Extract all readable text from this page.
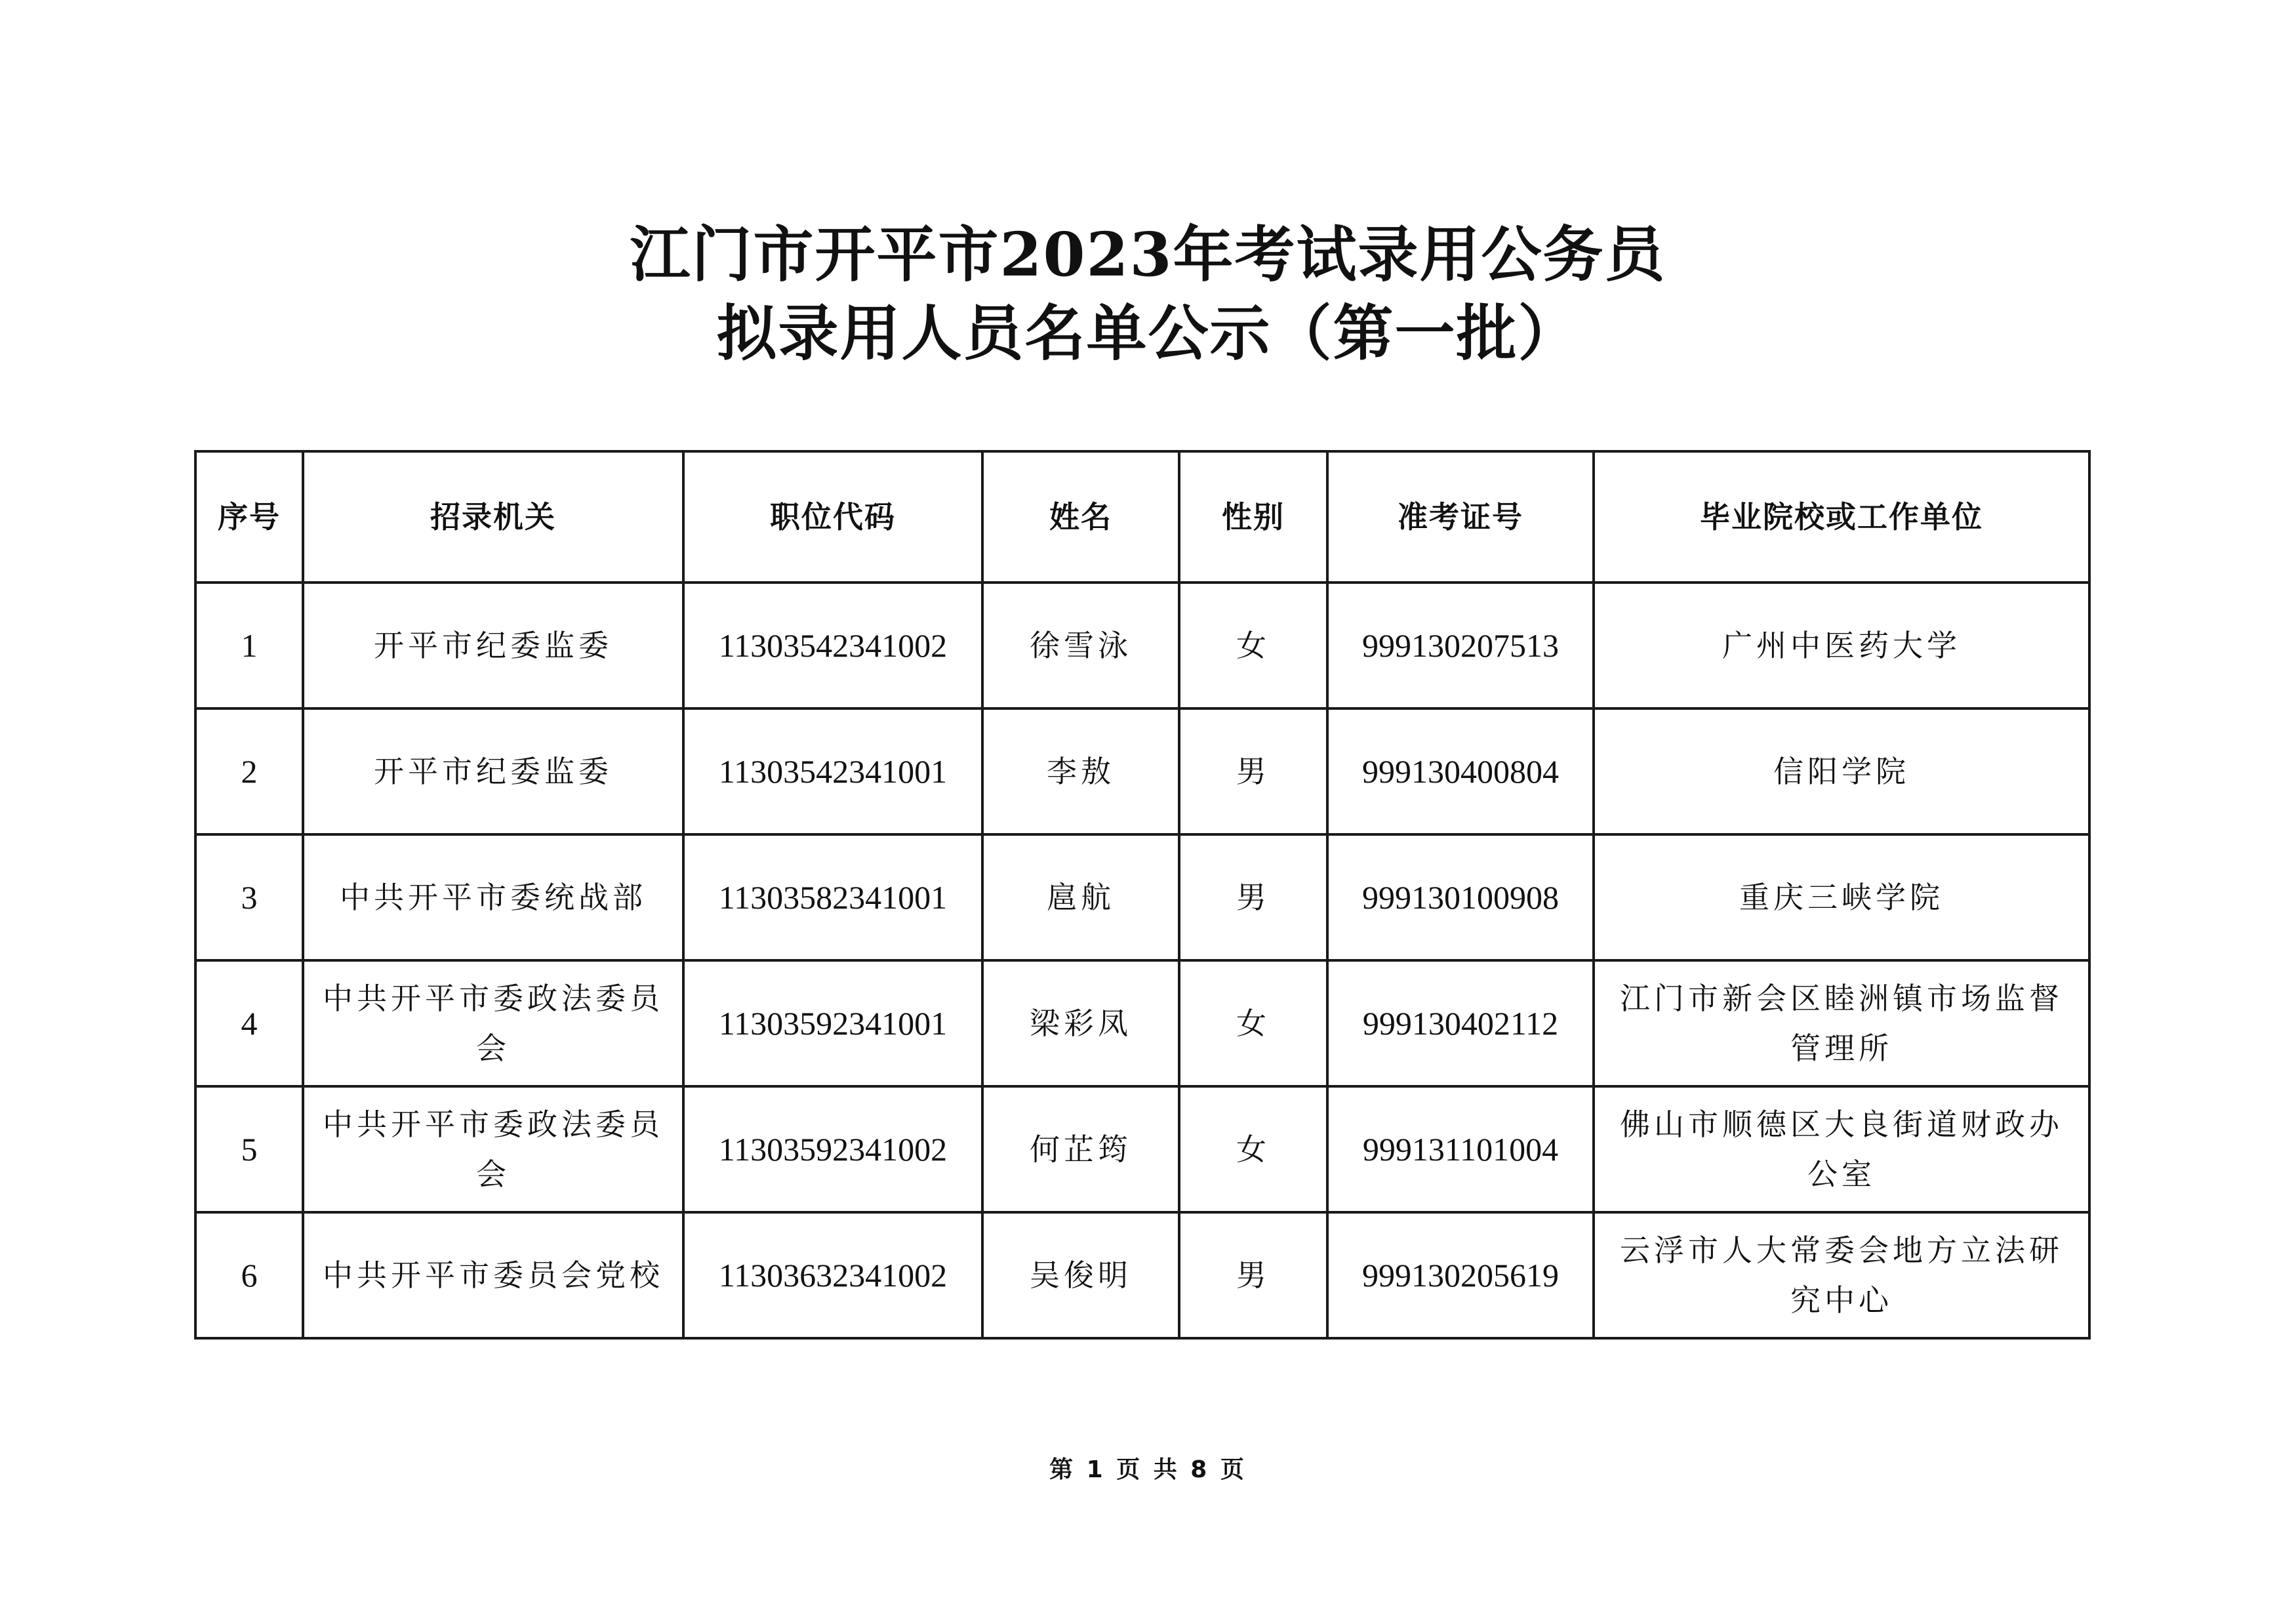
江门市开平市2023年考试录用公务员
拟录用人员名单公示（第一批）
序号	招录机关	职位代码	姓名	性别	准考证号	毕业院校或工作单位
1	开平市纪委监委	11303542341002	徐雪泳	女	999130207513	广州中医药大学
2	开平市纪委监委	11303542341001	李敖	男	999130400804	信阳学院
3	中共开平市委统战部	11303582341001	扈航	男	999130100908	重庆三峡学院
4	中共开平市委政法委员会	11303592341001	梁彩凤	女	999130402112	江门市新会区睦洲镇市场监督管理所
5	中共开平市委政法委员会	11303592341002	何芷筠	女	999131101004	佛山市顺德区大良街道财政办公室
6	中共开平市委员会党校	11303632341002	吴俊明	男	999130205619	云浮市人大常委会地方立法研究中心
第 1 页 共 8 页
